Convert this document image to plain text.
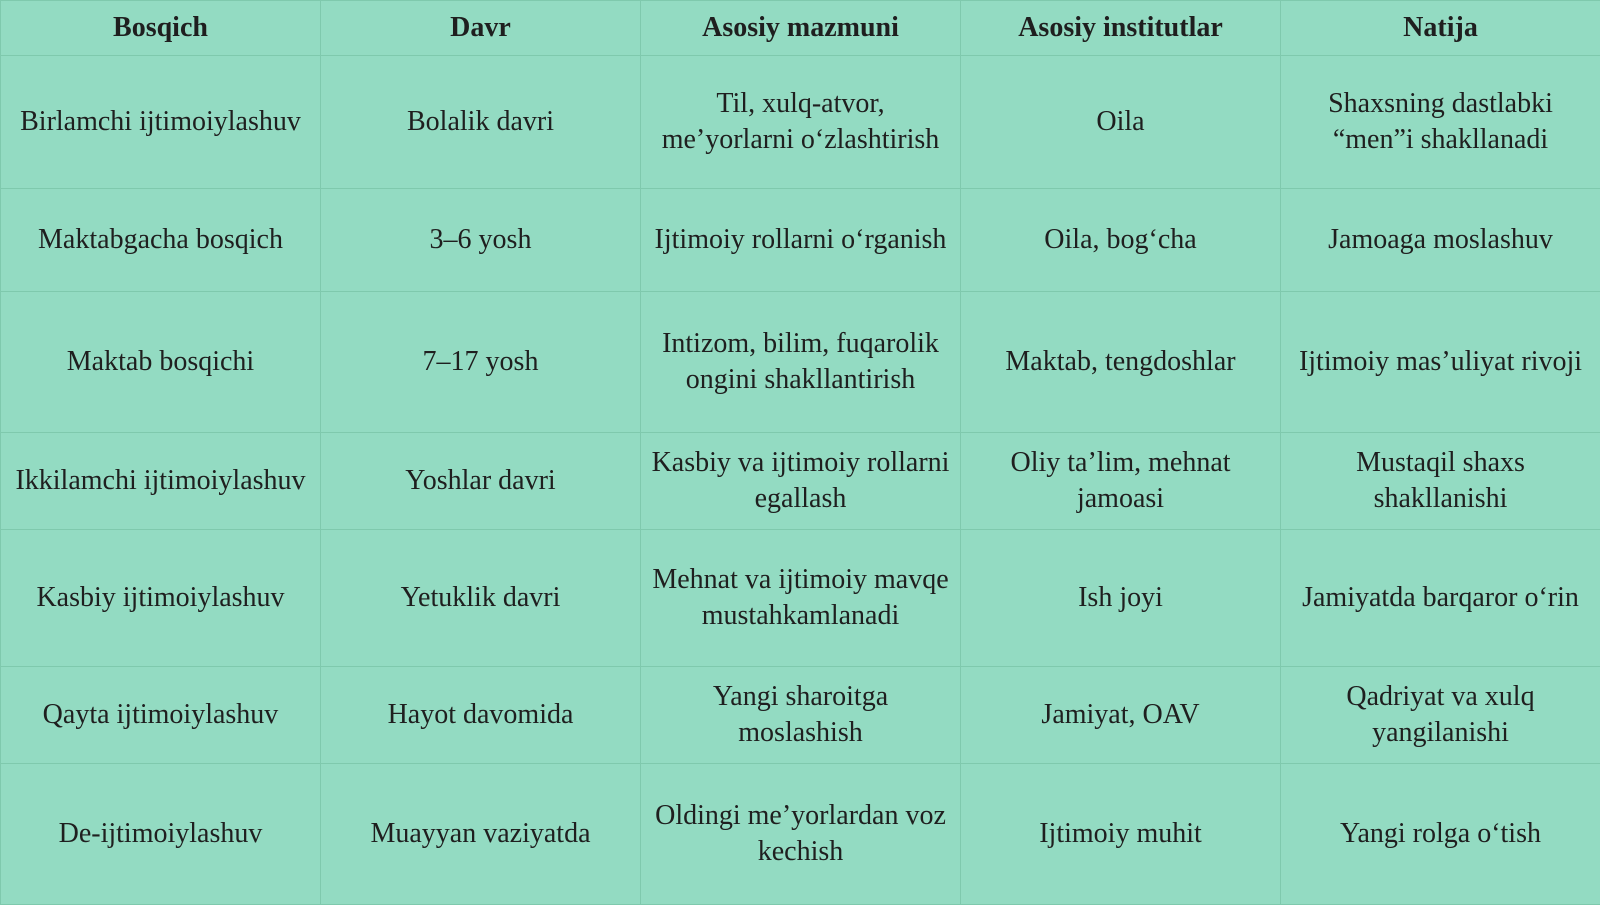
Bosqich	Davr	Asosiy mazmuni	Asosiy institutlar	Natija
Birlamchi ijtimoiylashuv	Bolalik davri	Til, xulq-atvor, me’yorlarni o‘zlashtirish	Oila	Shaxsning dastlabki “men”i shakllanadi
Maktabgacha bosqich	3–6 yosh	Ijtimoiy rollarni o‘rganish	Oila, bog‘cha	Jamoaga moslashuv
Maktab bosqichi	7–17 yosh	Intizom, bilim, fuqarolik ongini shakllantirish	Maktab, tengdoshlar	Ijtimoiy mas’uliyat rivoji
Ikkilamchi ijtimoiylashuv	Yoshlar davri	Kasbiy va ijtimoiy rollarni egallash	Oliy ta’lim, mehnat jamoasi	Mustaqil shaxs shakllanishi
Kasbiy ijtimoiylashuv	Yetuklik davri	Mehnat va ijtimoiy mavqe mustahkamlanadi	Ish joyi	Jamiyatda barqaror o‘rin
Qayta ijtimoiylashuv	Hayot davomida	Yangi sharoitga moslashish	Jamiyat, OAV	Qadriyat va xulq yangilanishi
De-ijtimoiylashuv	Muayyan vaziyatda	Oldingi me’yorlardan voz kechish	Ijtimoiy muhit	Yangi rolga o‘tish
